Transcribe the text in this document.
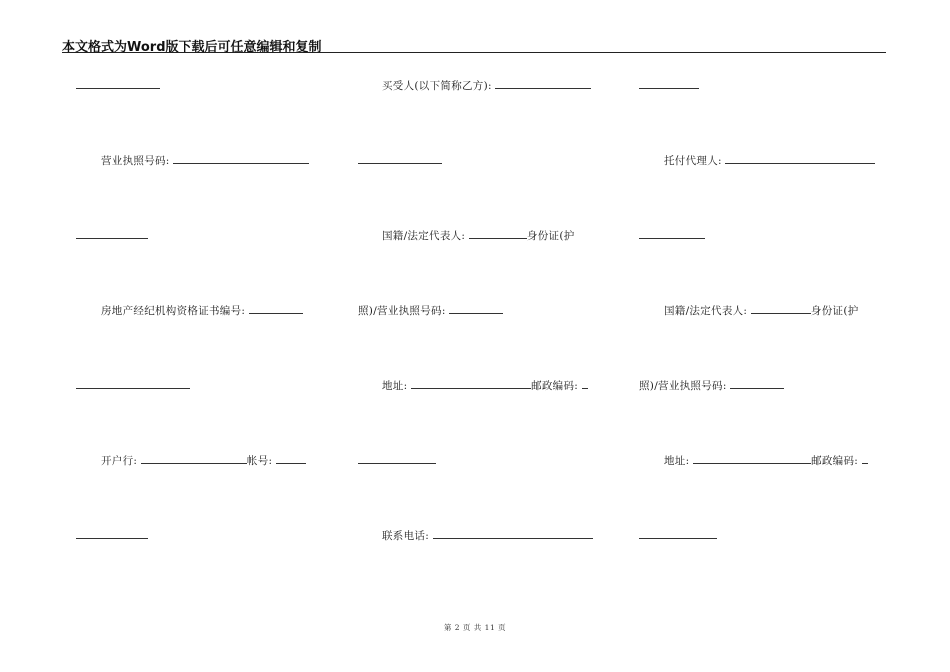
本文格式为Word版下载后可任意编辑和复制
买受人(以下简称乙方):
营业执照号码:	托付代理人:
国籍/法定代表人:	身份证(护
房地产经纪机构资格证书编号:	照)/营业执照号码:	国籍/法定代表人:	身份证(护
地址:	邮政编码:	照)/营业执照号码:
开户行:	帐号:	地址:	邮政编码:
联系电话:
第 2 页 共 11 页
